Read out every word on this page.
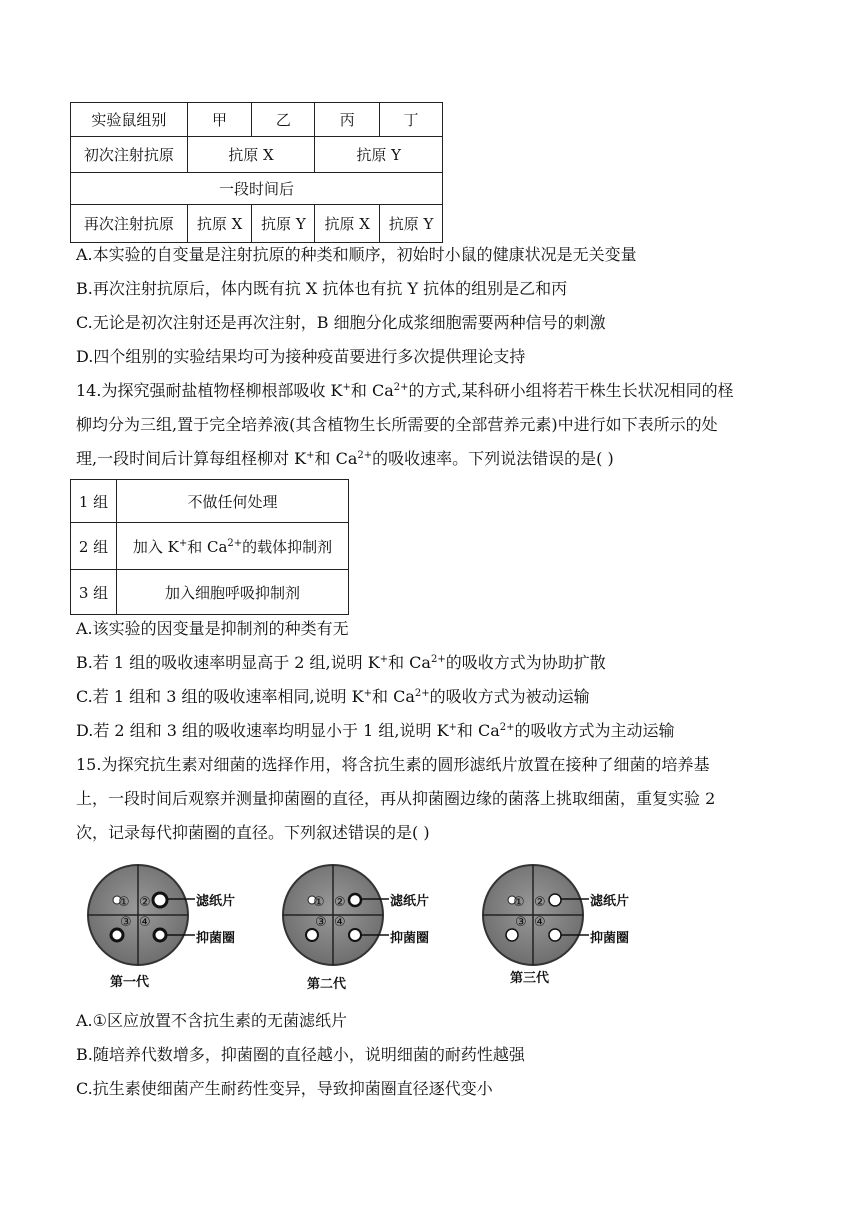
实验鼠组别	甲	乙	丙	丁
初次注射抗原	抗原 X		抗原 Y	
一段时间后				
再次注射抗原	抗原 X	抗原 Y	抗原 X	抗原 Y
A.本实验的自变量是注射抗原的种类和顺序，初始时小鼠的健康状况是无关变量
B.再次注射抗原后，体内既有抗 X 抗体也有抗 Y 抗体的组别是乙和丙
C.无论是初次注射还是再次注射，B 细胞分化成浆细胞需要两种信号的刺激
D.四个组别的实验结果均可为接种疫苗要进行多次提供理论支持
14.为探究强耐盐植物柽柳根部吸收 K+和 $Ca^{2+}$的方式,某科研小组将若干株生长状况相同的柽
柳均分为三组,置于完全培养液(其含植物生长所需要的全部营养元素)中进行如下表所示的处
理,一段时间后计算每组柽柳对 K+和 $Ca^{2+}$的吸收速率。下列说法错误的是( )
1 组	不做任何处理
2 组	加入 K+和 $Ca^{2+}$的载体抑制剂
3 组	加入细胞呼吸抑制剂
A.该实验的因变量是抑制剂的种类有无
B.若 1 组的吸收速率明显高于 2 组,说明 K+和 $Ca^{2+}$的吸收方式为协助扩散
C.若 1 组和 3 组的吸收速率相同,说明 K+和 $Ca^{2+}$的吸收方式为被动运输
D.若 2 组和 3 组的吸收速率均明显小于 1 组,说明 K+和 $Ca^{2+}$的吸收方式为主动运输
15.为探究抗生素对细菌的选择作用，将含抗生素的圆形滤纸片放置在接种了细菌的培养基
上，一段时间后观察并测量抑菌圈的直径，再从抑菌圈边缘的菌落上挑取细菌，重复实验 2
次，记录每代抑菌圈的直径。下列叙述错误的是( )
① ②
③ ④
① ②
③ ④
① ②
③ ④
滤纸片
抑菌圈
滤纸片
抑菌圈
滤纸片
抑菌圈
第一代	第二代	第三代
A.①区应放置不含抗生素的无菌滤纸片
B.随培养代数增多，抑菌圈的直径越小，说明细菌的耐药性越强
C.抗生素使细菌产生耐药性变异，导致抑菌圈直径逐代变小
